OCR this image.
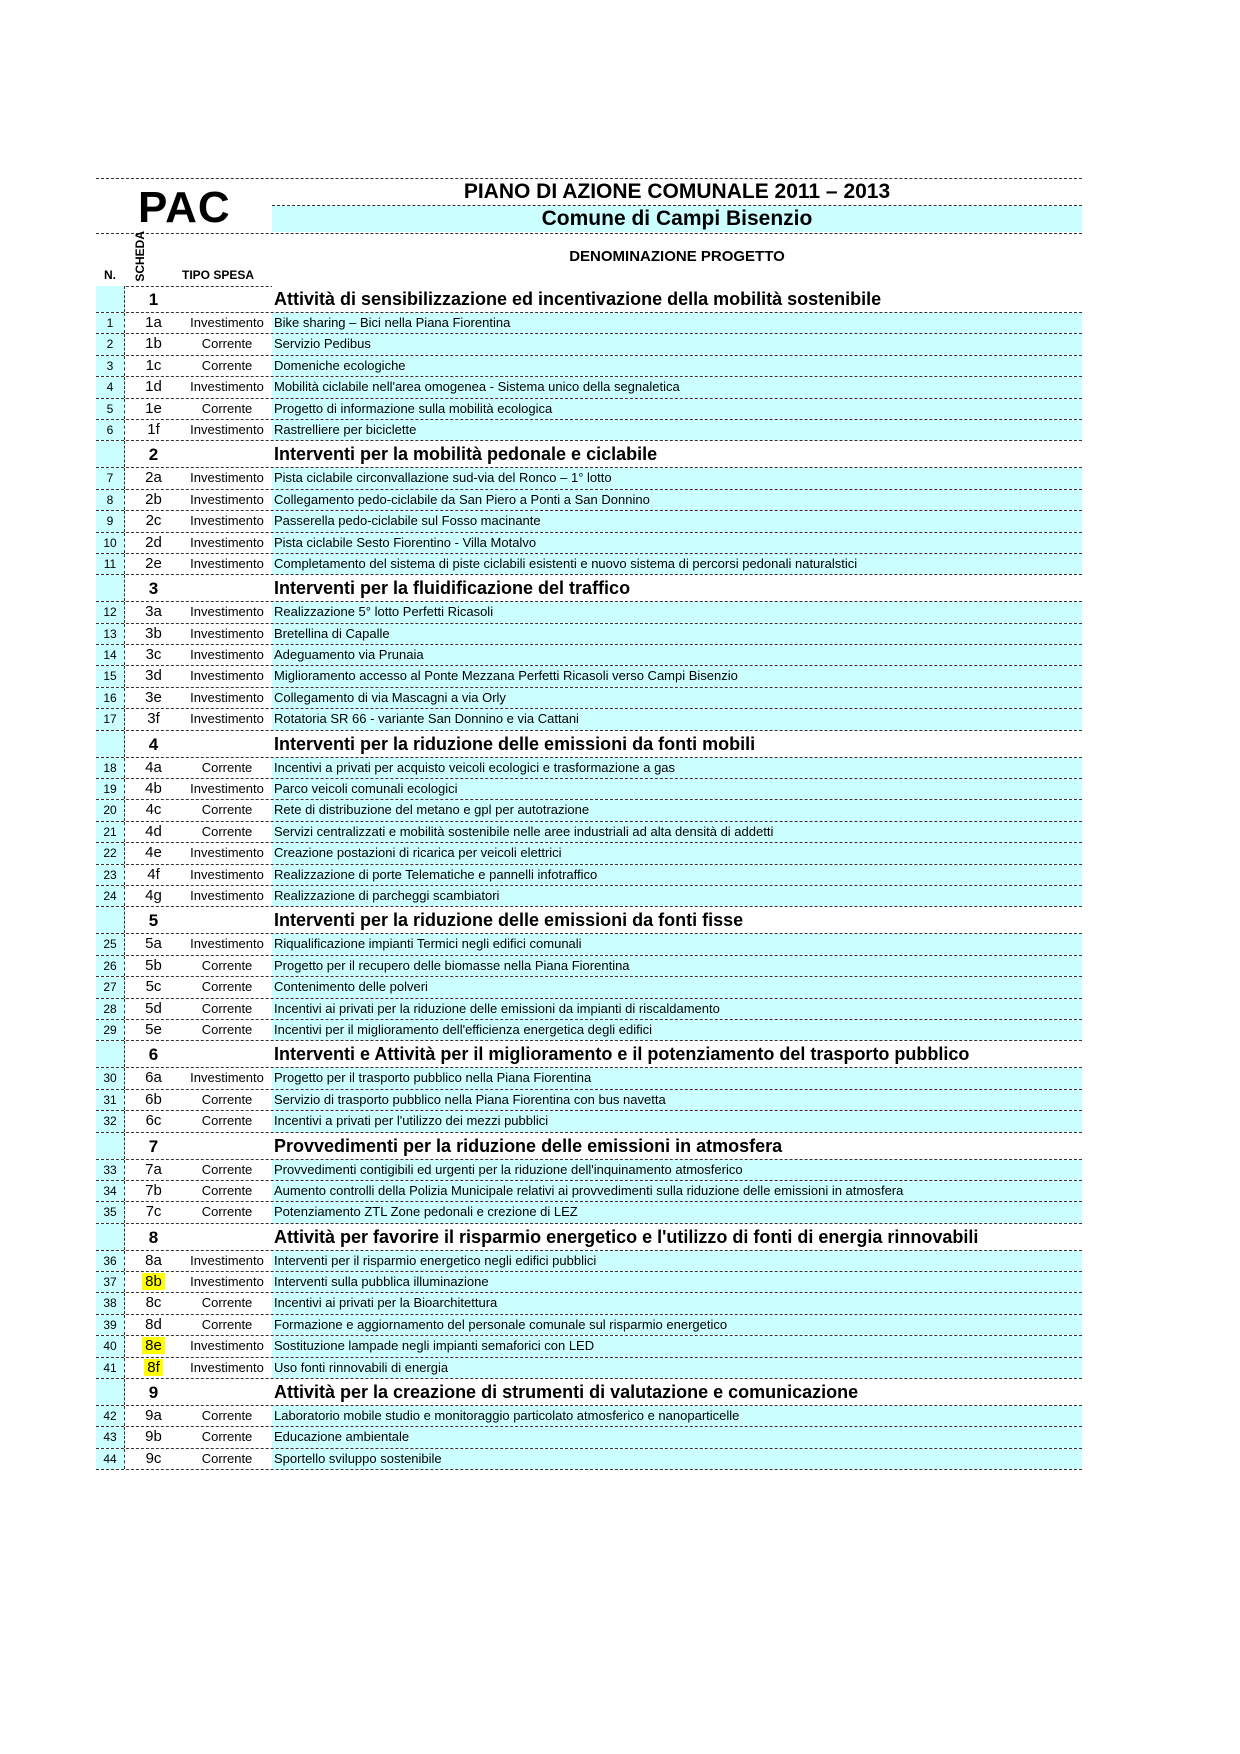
PAC	PIANO DI AZIONE COMUNALE 2011 – 2013
Comune di Campi Bisenzio
N. SCHEDA	TIPO SPESA
DENOMINAZIONE PROGETTO
1	Attività di sensibilizzazione ed incentivazione della mobilità sostenibile
1	1a	Investimento Bike sharing – Bici nella Piana Fiorentina
2	1b	Corrente	Servizio Pedibus
3	1c	Corrente	Domeniche ecologiche
4	1d	Investimento Mobilità ciclabile nell'area omogenea - Sistema unico della segnaletica
5	1e	Corrente	Progetto di informazione sulla mobilità ecologica
6	1f	Investimento Rastrelliere per biciclette
2	Interventi per la mobilità pedonale e ciclabile
7	2a	Investimento Pista ciclabile circonvallazione sud-via del Ronco – 1° lotto
8	2b	Investimento Collegamento pedo-ciclabile da San Piero a Ponti a San Donnino
9	2c	Investimento Passerella pedo-ciclabile sul Fosso macinante
10	2d	Investimento Pista ciclabile Sesto Fiorentino - Villa Motalvo
11	2e	Investimento Completamento del sistema di piste ciclabili esistenti e nuovo sistema di percorsi pedonali naturalstici
3	Interventi per la fluidificazione del traffico
12	3a	Investimento Realizzazione 5° lotto Perfetti Ricasoli
13	3b	Investimento Bretellina di Capalle
14	3c	Investimento Adeguamento via Prunaia
15	3d	Investimento Miglioramento accesso al Ponte Mezzana Perfetti Ricasoli verso Campi Bisenzio
16	3e	Investimento Collegamento di via Mascagni a via Orly
17	3f	Investimento Rotatoria SR 66 - variante San Donnino e via Cattani
4	Interventi per la riduzione delle emissioni da fonti mobili
18	4a	Corrente	Incentivi a privati per acquisto veicoli ecologici e trasformazione a gas
19	4b	Investimento Parco veicoli comunali ecologici
20	4c	Corrente	Rete di distribuzione del metano e gpl per autotrazione
21	4d	Corrente	Servizi centralizzati e mobilità sostenibile nelle aree industriali ad alta densità di addetti
22	4e	Investimento Creazione postazioni di ricarica per veicoli elettrici
23	4f	Investimento Realizzazione di porte Telematiche e pannelli infotraffico
24	4g	Investimento Realizzazione di parcheggi scambiatori
5	Interventi per la riduzione delle emissioni da fonti fisse
25	5a	Investimento Riqualificazione impianti Termici negli edifici comunali
26	5b	Corrente	Progetto per il recupero delle biomasse nella Piana Fiorentina
27	5c	Corrente	Contenimento delle polveri
28	5d	Corrente	Incentivi ai privati per la riduzione delle emissioni da impianti di riscaldamento
29	5e	Corrente	Incentivi per il miglioramento dell'efficienza energetica degli edifici
6	Interventi e Attività per il miglioramento e il potenziamento del trasporto pubblico
30	6a	Investimento Progetto per il trasporto pubblico nella Piana Fiorentina
31	6b	Corrente	Servizio di trasporto pubblico nella Piana Fiorentina con bus navetta
32	6c	Corrente	Incentivi a privati per l'utilizzo dei mezzi pubblici
7	Provvedimenti per la riduzione delle emissioni in atmosfera
33	7a	Corrente	Provvedimenti contigibili ed urgenti per la riduzione dell'inquinamento atmosferico
34	7b	Corrente	Aumento controlli della Polizia Municipale relativi ai provvedimenti sulla riduzione delle emissioni in atmosfera
35	7c	Corrente	Potenziamento ZTL Zone pedonali e crezione di LEZ
8	Attività per favorire il risparmio energetico e l'utilizzo di fonti di energia rinnovabili
36	8a	Investimento Interventi per il risparmio energetico negli edifici pubblici
37	8b	Investimento Interventi sulla pubblica illuminazione
38	8c	Corrente	Incentivi ai privati per la Bioarchitettura
39	8d	Corrente	Formazione e aggiornamento del personale comunale sul risparmio energetico
40	8e	Investimento Sostituzione lampade negli impianti semaforici con LED
41	8f	Investimento Uso fonti rinnovabili di energia
9	Attività per la creazione di strumenti di valutazione e comunicazione
42	9a	Corrente	Laboratorio mobile studio e monitoraggio particolato atmosferico e nanoparticelle
43	9b	Corrente	Educazione ambientale
44	9c	Corrente	Sportello sviluppo sostenibile
